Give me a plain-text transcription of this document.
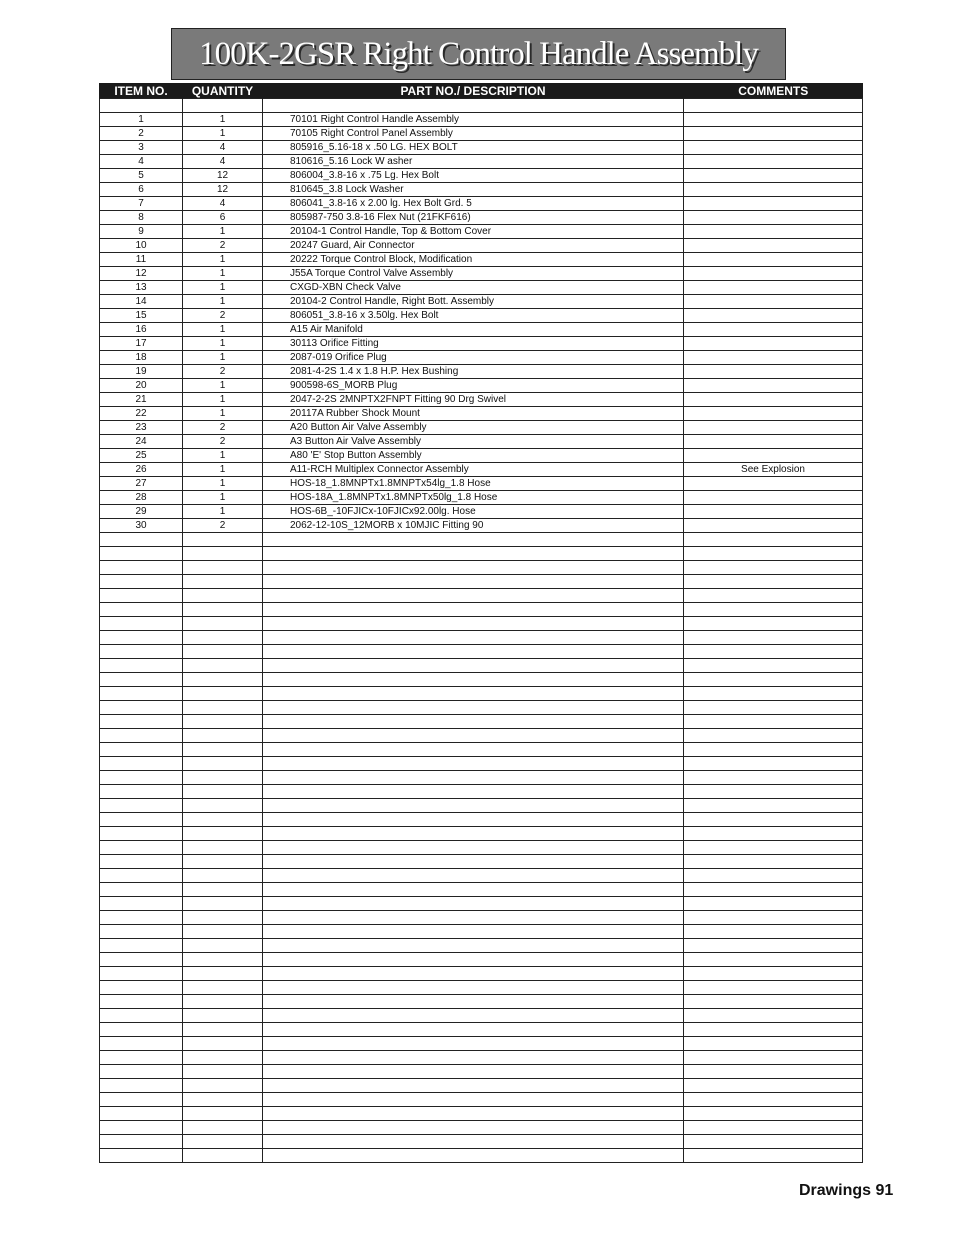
100K-2GSR Right Control Handle Assembly
ITEM NO.	QUANTITY	PART NO./ DESCRIPTION	COMMENTS

1	1	70101 Right Control Handle Assembly	
2	1	70105 Right Control Panel Assembly	
3	4	805916_5.16-18 x .50 LG. HEX BOLT	
4	4	810616_5.16 Lock W asher	
5	12	806004_3.8-16 x .75 Lg. Hex Bolt	
6	12	810645_3.8 Lock Washer	
7	4	806041_3.8-16 x 2.00 lg. Hex Bolt Grd. 5	
8	6	805987-750 3.8-16 Flex Nut (21FKF616)	
9	1	20104-1 Control Handle, Top & Bottom Cover	
10	2	20247 Guard, Air Connector	
11	1	20222 Torque Control Block, Modification	
12	1	J55A Torque Control Valve Assembly	
13	1	CXGD-XBN Check Valve	
14	1	20104-2 Control Handle, Right Bott. Assembly	
15	2	806051_3.8-16 x 3.50lg. Hex Bolt	
16	1	A15 Air Manifold	
17	1	30113 Orifice Fitting	
18	1	2087-019 Orifice Plug	
19	2	2081-4-2S 1.4 x 1.8 H.P. Hex Bushing	
20	1	900598-6S_MORB Plug	
21	1	2047-2-2S 2MNPTX2FNPT Fitting 90 Drg Swivel	
22	1	20117A Rubber Shock Mount	
23	2	A20 Button Air Valve Assembly	
24	2	A3 Button Air Valve Assembly	
25	1	A80 'E' Stop Button Assembly	
26	1	A11-RCH Multiplex Connector Assembly	See Explosion
27	1	HOS-18_1.8MNPTx1.8MNPTx54lg_1.8 Hose	
28	1	HOS-18A_1.8MNPTx1.8MNPTx50lg_1.8 Hose	
29	1	HOS-6B_-10FJICx-10FJICx92.00lg. Hose	
30	2	2062-12-10S_12MORB x 10MJIC Fitting 90	

Drawings 91
